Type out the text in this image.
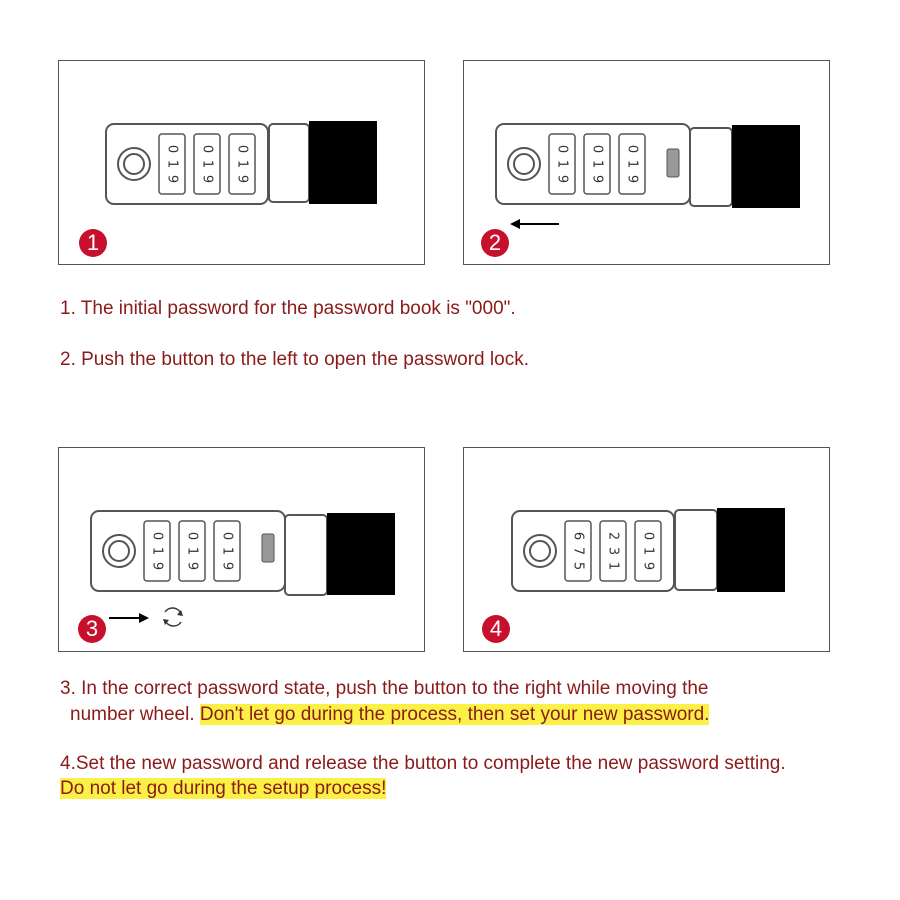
0
1
9
0
1
9
0
1
9
1
0
1
9
0
1
9
0
1
9
2
0
1
9
0
1
9
0
1
9
3
6
7
5
2
3
1
0
1
9
4
1. The initial password for the password book is "000".
2. Push the button to the left to open the password lock.
3. In the correct password state, push the button to the right while moving the
number wheel. Don't let go during the process, then set your new password.
4.Set the new password and release the button to complete the new password setting.
Do not let go during the setup process!
